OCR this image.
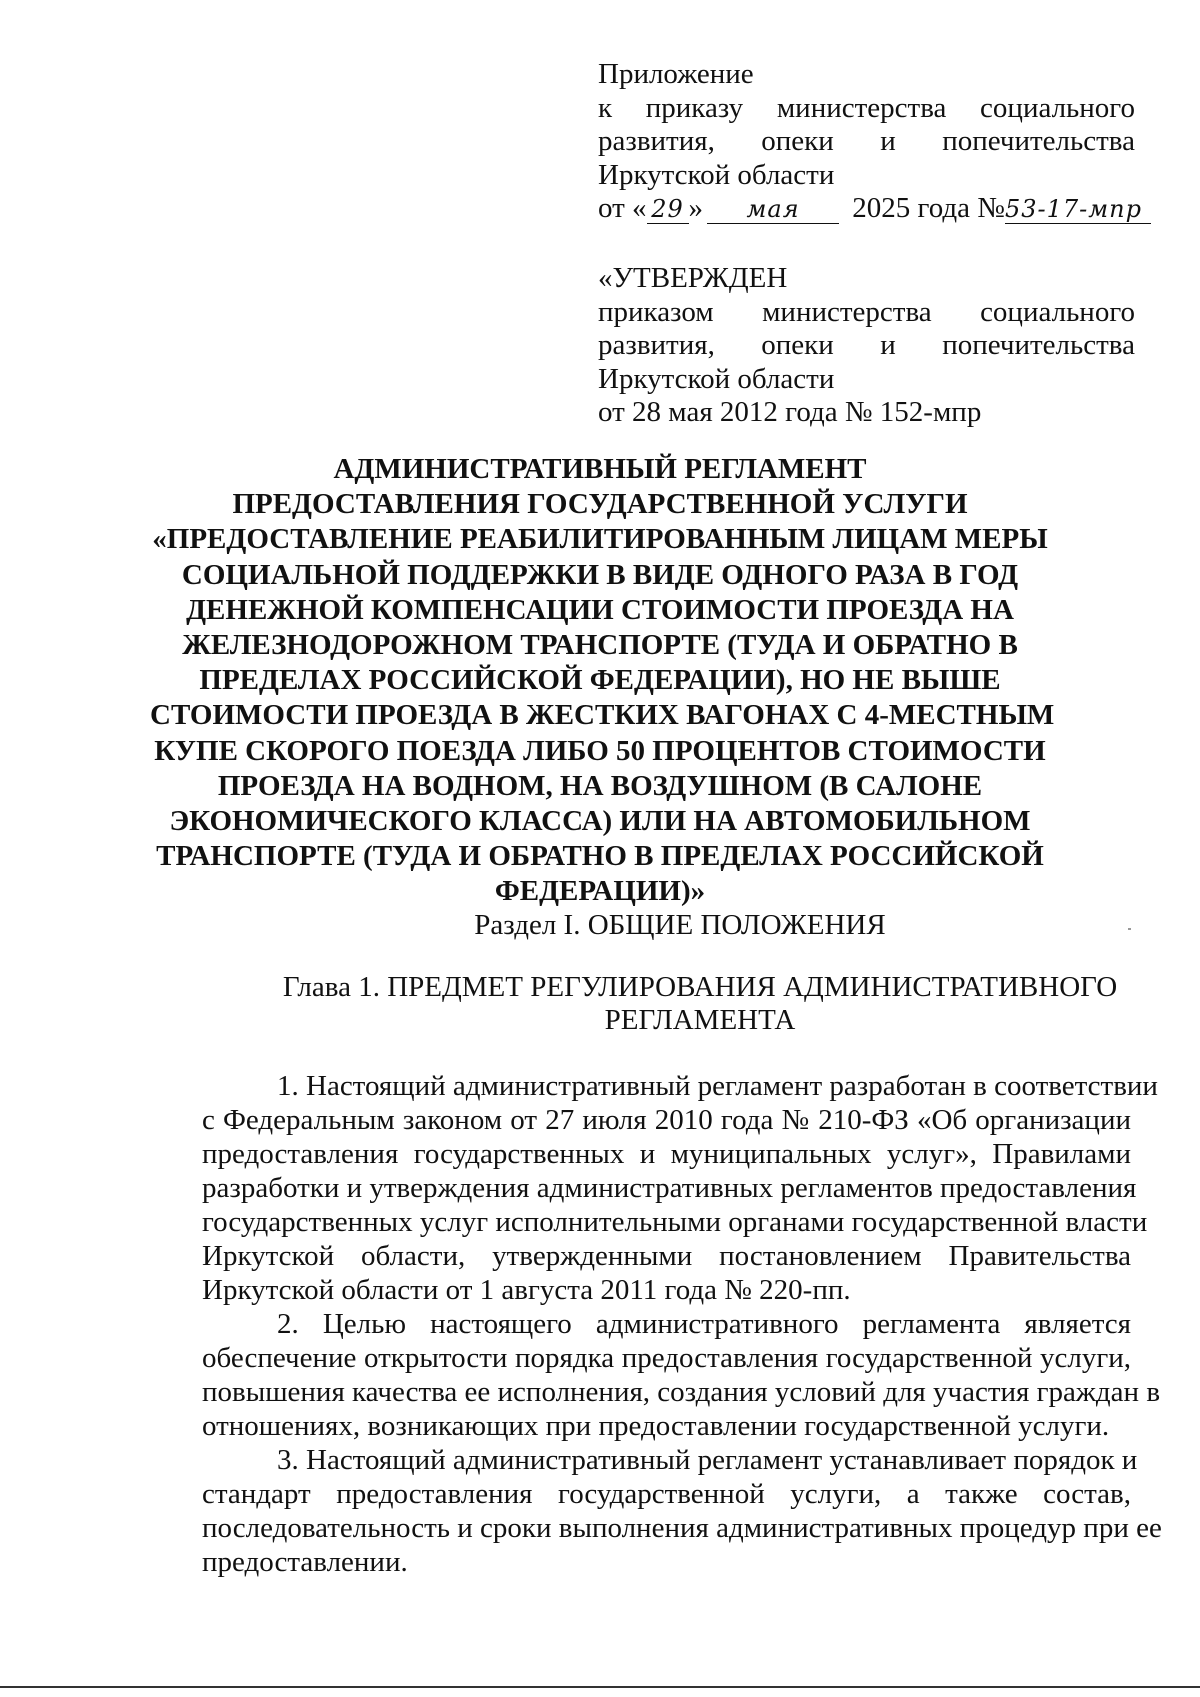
Приложение
к приказу министерства социального
развития, опеки и попечительства
Иркутской области
от « 29 » мая 2025 года №53-17-мпр
«УТВЕРЖДЕН
приказом министерства социального
развития, опеки и попечительства
Иркутской области
от 28 мая 2012 года № 152-мпр
АДМИНИСТРАТИВНЫЙ РЕГЛАМЕНТ
ПРЕДОСТАВЛЕНИЯ ГОСУДАРСТВЕННОЙ УСЛУГИ
«ПРЕДОСТАВЛЕНИЕ РЕАБИЛИТИРОВАННЫМ ЛИЦАМ МЕРЫ
СОЦИАЛЬНОЙ ПОДДЕРЖКИ В ВИДЕ ОДНОГО РАЗА В ГОД
ДЕНЕЖНОЙ КОМПЕНСАЦИИ СТОИМОСТИ ПРОЕЗДА НА
ЖЕЛЕЗНОДОРОЖНОМ ТРАНСПОРТЕ (ТУДА И ОБРАТНО В
ПРЕДЕЛАХ РОССИЙСКОЙ ФЕДЕРАЦИИ), НО НЕ ВЫШЕ
СТОИМОСТИ ПРОЕЗДА В ЖЕСТКИХ ВАГОНАХ С 4-МЕСТНЫМ
КУПЕ СКОРОГО ПОЕЗДА ЛИБО 50 ПРОЦЕНТОВ СТОИМОСТИ
ПРОЕЗДА НА ВОДНОМ, НА ВОЗДУШНОМ (В САЛОНЕ
ЭКОНОМИЧЕСКОГО КЛАССА) ИЛИ НА АВТОМОБИЛЬНОМ
ТРАНСПОРТЕ (ТУДА И ОБРАТНО В ПРЕДЕЛАХ РОССИЙСКОЙ
ФЕДЕРАЦИИ)»
Раздел I. ОБЩИЕ ПОЛОЖЕНИЯ
Глава 1. ПРЕДМЕТ РЕГУЛИРОВАНИЯ АДМИНИСТРАТИВНОГО
РЕГЛАМЕНТА
1. Настоящий административный регламент разработан в соответствии
с Федеральным законом от 27 июля 2010 года № 210-ФЗ «Об организации
предоставления государственных и муниципальных услуг», Правилами
разработки и утверждения административных регламентов предоставления
государственных услуг исполнительными органами государственной власти
Иркутской области, утвержденными постановлением Правительства
Иркутской области от 1 августа 2011 года № 220-пп.
2. Целью настоящего административного регламента является
обеспечение открытости порядка предоставления государственной услуги,
повышения качества ее исполнения, создания условий для участия граждан в
отношениях, возникающих при предоставлении государственной услуги.
3. Настоящий административный регламент устанавливает порядок и
стандарт предоставления государственной услуги, а также состав,
последовательность и сроки выполнения административных процедур при ее
предоставлении.
